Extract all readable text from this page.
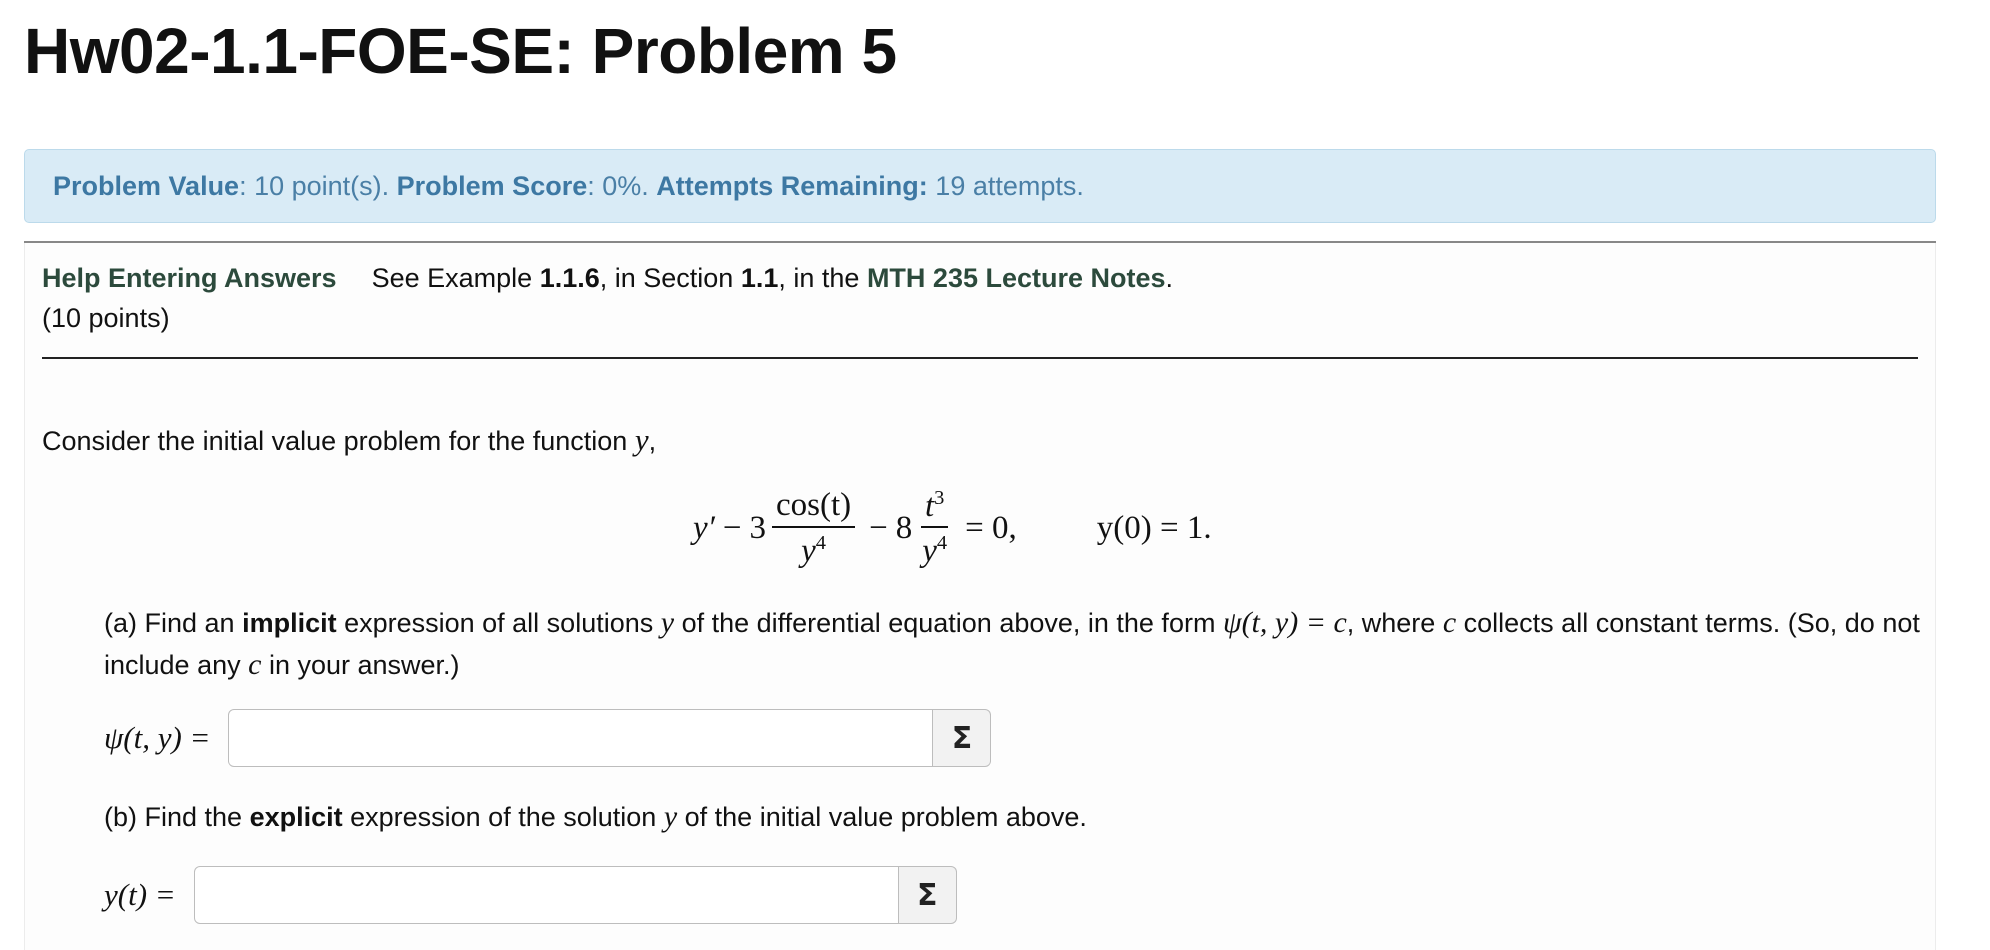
Hw02-1.1-FOE-SE: Problem 5
Problem Value: 10 point(s). Problem Score: 0%. Attempts Remaining: 19 attempts.
Help Entering Answers See Example 1.1.6, in Section 1.1, in the MTH 235 Lecture Notes.
(10 points)
Consider the initial value problem for the function y,
$y' - 3 \frac{\cos(t)}{y^4} - 8 \frac{t^3}{y^4} = 0$, y(0) = 1.
(a) Find an implicit expression of all solutions y of the differential equation above, in the form ψ(t, y) = c, where c collects all constant terms. (So, do not include any c in your answer.)
ψ(t, y) =	Σ
(b) Find the explicit expression of the solution y of the initial value problem above.
y(t) =	Σ
